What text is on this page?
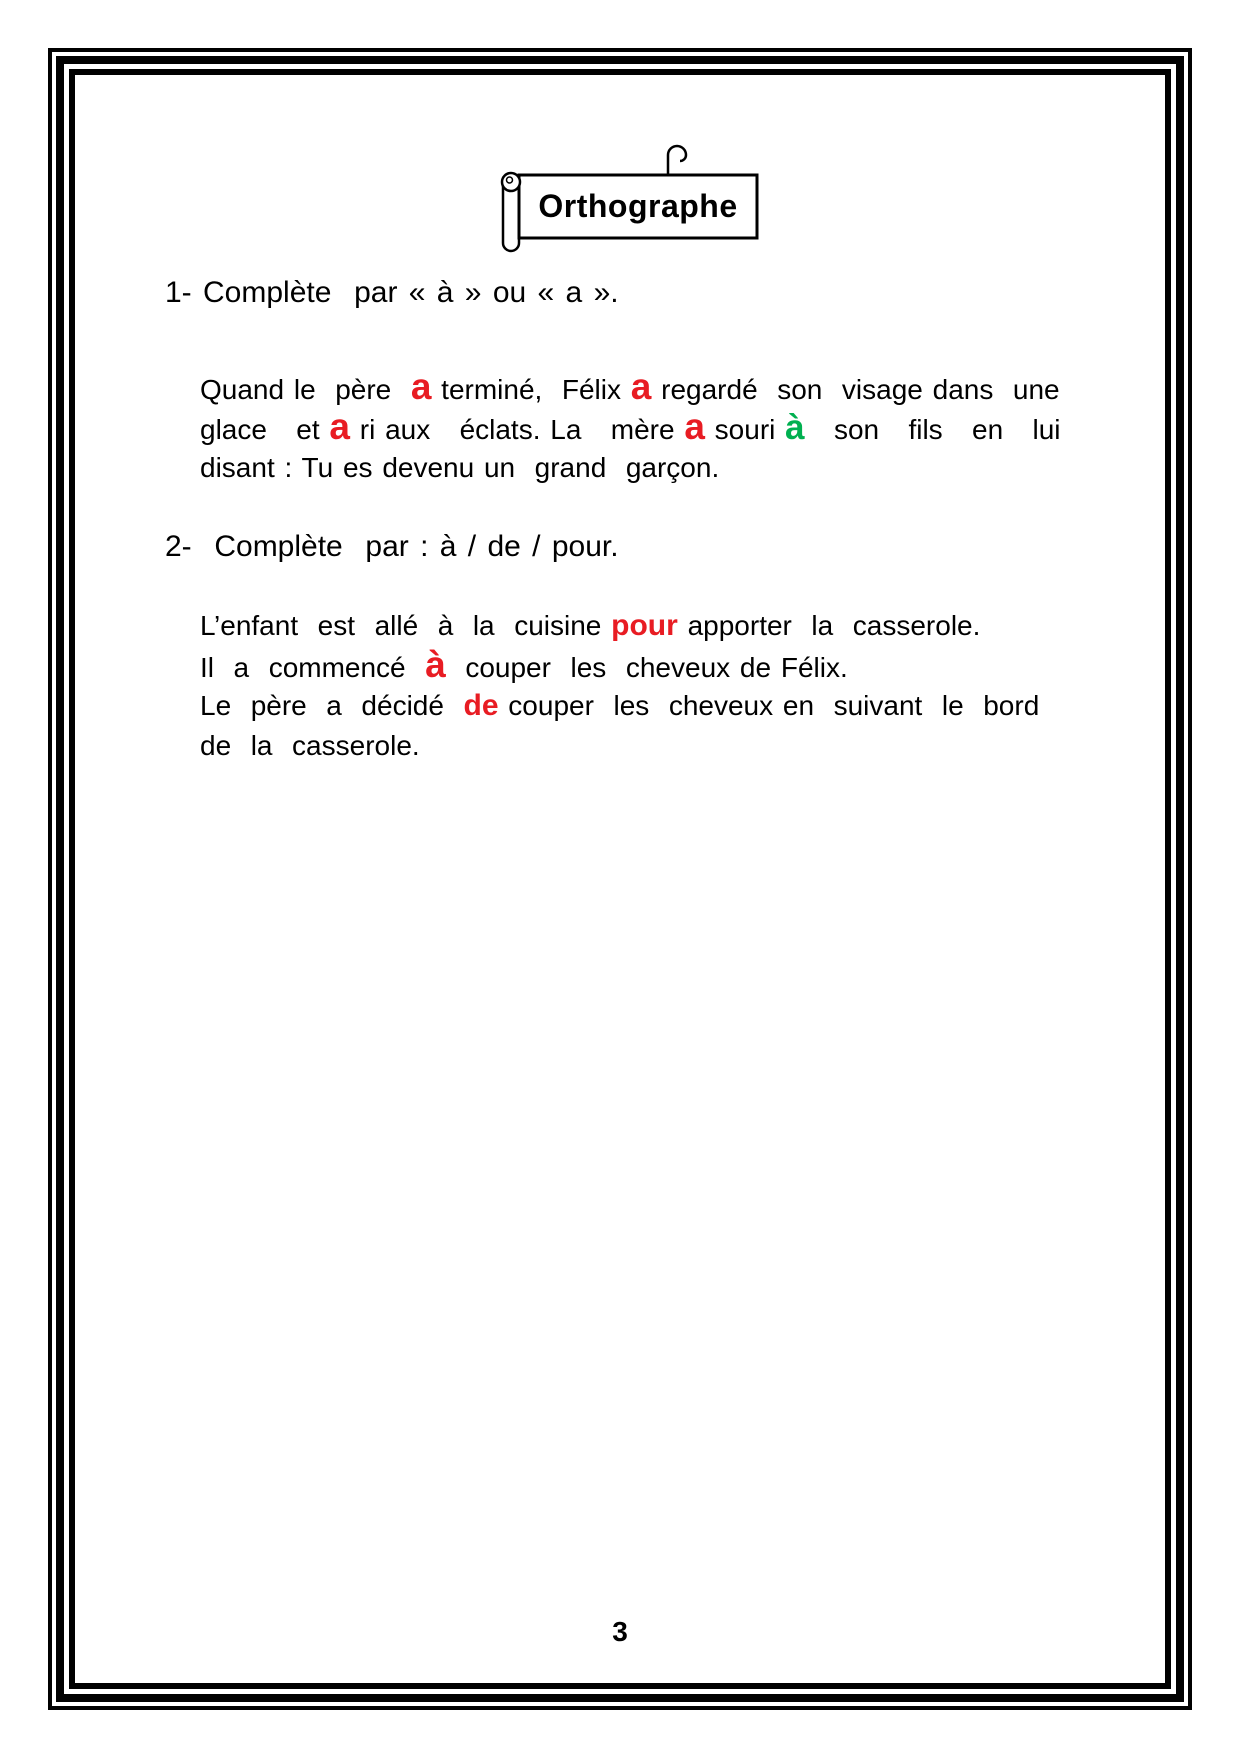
Orthographe
1- Complète  par « à » ou « a ».
Quand le  père  a terminé,  Félix a regardé  son  visage dans  une
glace   et a ri aux   éclats. La   mère a souri à   son   fils   en   lui
disant : Tu es devenu un  grand  garçon.
2-  Complète  par : à / de / pour.
L’enfant  est  allé  à  la  cuisine pour apporter  la  casserole.
Il  a  commencé  à  couper  les  cheveux de Félix.
Le  père  a  décidé  de couper  les  cheveux en  suivant  le  bord
de  la  casserole.
3
